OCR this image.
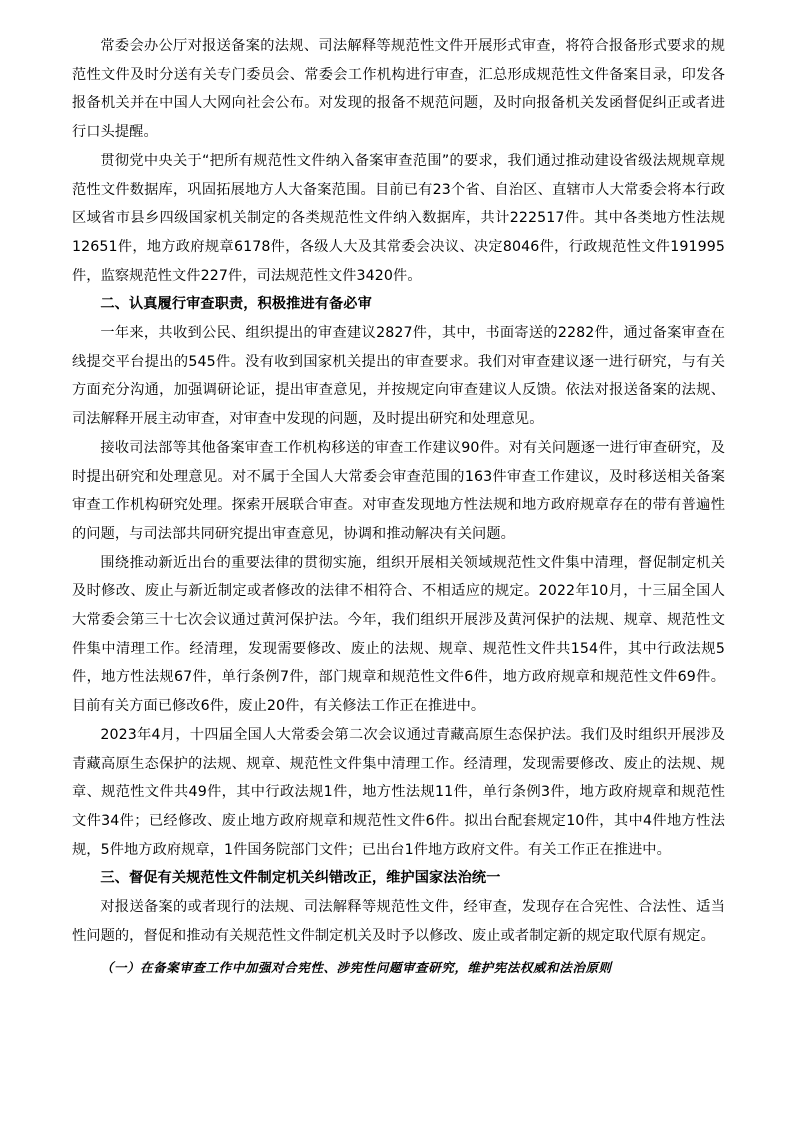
常委会办公厅对报送备案的法规、司法解释等规范性文件开展形式审查，将符合报备形式要求的规范性文件及时分送有关专门委员会、常委会工作机构进行审查，汇总形成规范性文件备案目录，印发各报备机关并在中国人大网向社会公布。对发现的报备不规范问题，及时向报备机关发函督促纠正或者进行口头提醒。

贯彻党中央关于“把所有规范性文件纳入备案审查范围”的要求，我们通过推动建设省级法规规章规范性文件数据库，巩固拓展地方人大备案范围。目前已有23个省、自治区、直辖市人大常委会将本行政区域省市县乡四级国家机关制定的各类规范性文件纳入数据库，共计222517件。其中各类地方性法规12651件，地方政府规章6178件，各级人大及其常委会决议、决定8046件，行政规范性文件191995件，监察规范性文件227件，司法规范性文件3420件。

二、认真履行审查职责，积极推进有备必审

一年来，共收到公民、组织提出的审查建议2827件，其中，书面寄送的2282件，通过备案审查在线提交平台提出的545件。没有收到国家机关提出的审查要求。我们对审查建议逐一进行研究，与有关方面充分沟通，加强调研论证，提出审查意见，并按规定向审查建议人反馈。依法对报送备案的法规、司法解释开展主动审查，对审查中发现的问题，及时提出研究和处理意见。

接收司法部等其他备案审查工作机构移送的审查工作建议90件。对有关问题逐一进行审查研究，及时提出研究和处理意见。对不属于全国人大常委会审查范围的163件审查工作建议，及时移送相关备案审查工作机构研究处理。探索开展联合审查。对审查发现地方性法规和地方政府规章存在的带有普遍性的问题，与司法部共同研究提出审查意见，协调和推动解决有关问题。

围绕推动新近出台的重要法律的贯彻实施，组织开展相关领域规范性文件集中清理，督促制定机关及时修改、废止与新近制定或者修改的法律不相符合、不相适应的规定。2022年10月，十三届全国人大常委会第三十七次会议通过黄河保护法。今年，我们组织开展涉及黄河保护的法规、规章、规范性文件集中清理工作。经清理，发现需要修改、废止的法规、规章、规范性文件共154件，其中行政法规5件，地方性法规67件，单行条例7件，部门规章和规范性文件6件，地方政府规章和规范性文件69件。目前有关方面已修改6件，废止20件，有关修法工作正在推进中。

2023年4月，十四届全国人大常委会第二次会议通过青藏高原生态保护法。我们及时组织开展涉及青藏高原生态保护的法规、规章、规范性文件集中清理工作。经清理，发现需要修改、废止的法规、规章、规范性文件共49件，其中行政法规1件，地方性法规11件，单行条例3件，地方政府规章和规范性文件34件；已经修改、废止地方政府规章和规范性文件6件。拟出台配套规定10件，其中4件地方性法规，5件地方政府规章，1件国务院部门文件；已出台1件地方政府文件。有关工作正在推进中。

三、督促有关规范性文件制定机关纠错改正，维护国家法治统一

对报送备案的或者现行的法规、司法解释等规范性文件，经审查，发现存在合宪性、合法性、适当性问题的，督促和推动有关规范性文件制定机关及时予以修改、废止或者制定新的规定取代原有规定。

（一）在备案审查工作中加强对合宪性、涉宪性问题审查研究，维护宪法权威和法治原则
